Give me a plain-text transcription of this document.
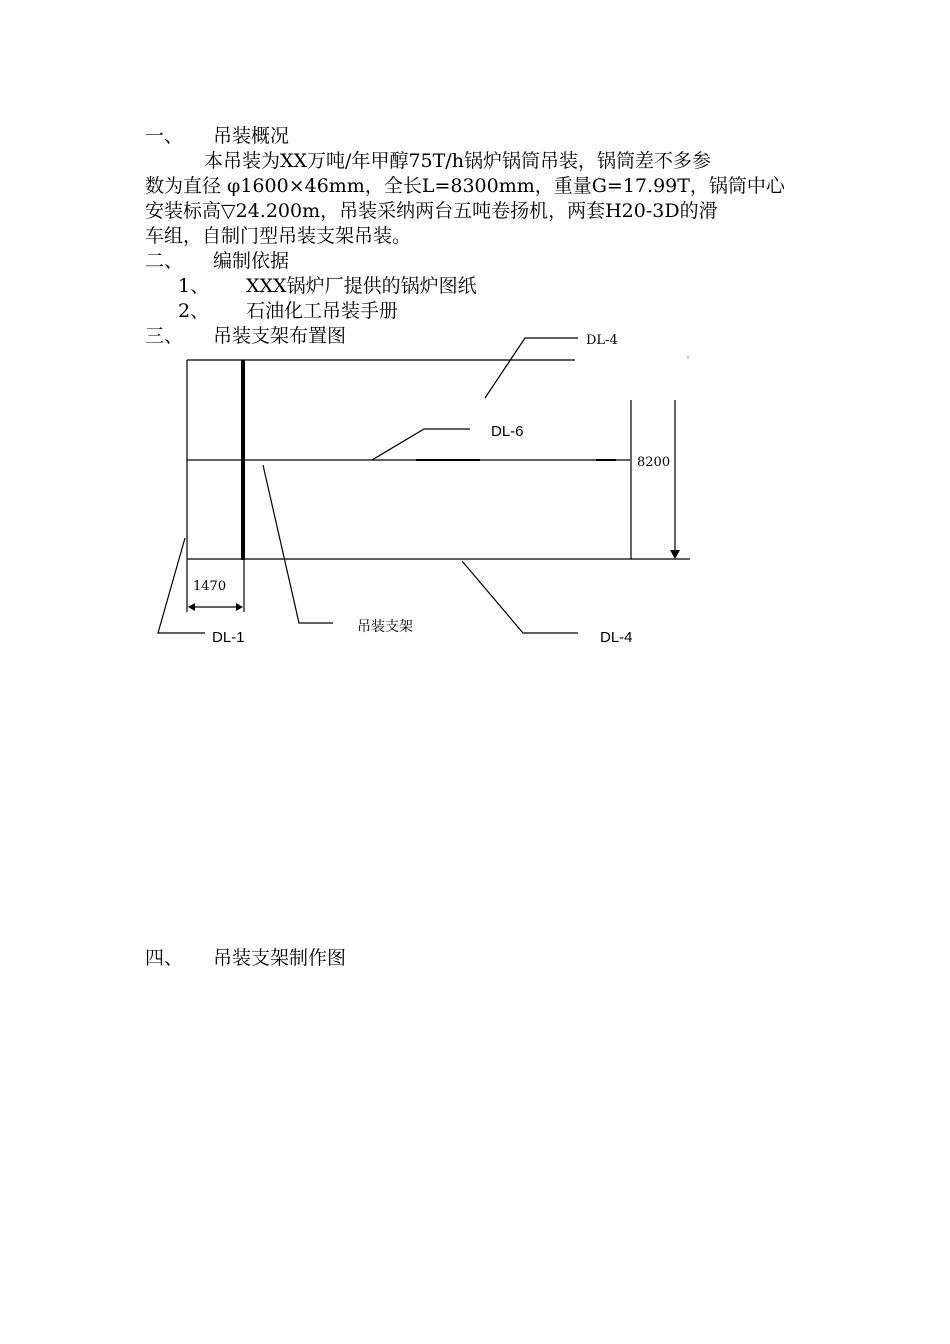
一、 吊装概况
本吊装为XX万吨/年甲醇75T/h锅炉锅筒吊装，锅筒差不多参
数为直径 φ1600×46mm，全长L=8300mm，重量G=17.99T，锅筒中心
安装标高▽24.200m，吊装采纳两台五吨卷扬机，两套H20-3D的滑
车组，自制门型吊装支架吊装。
二、 编制依据
1、 XXX锅炉厂提供的锅炉图纸
2、 石油化工吊装手册
三、 吊装支架布置图	DL-4
DL-6
8200
1470
DL-1
吊装支架
DL-4
四、 吊装支架制作图
